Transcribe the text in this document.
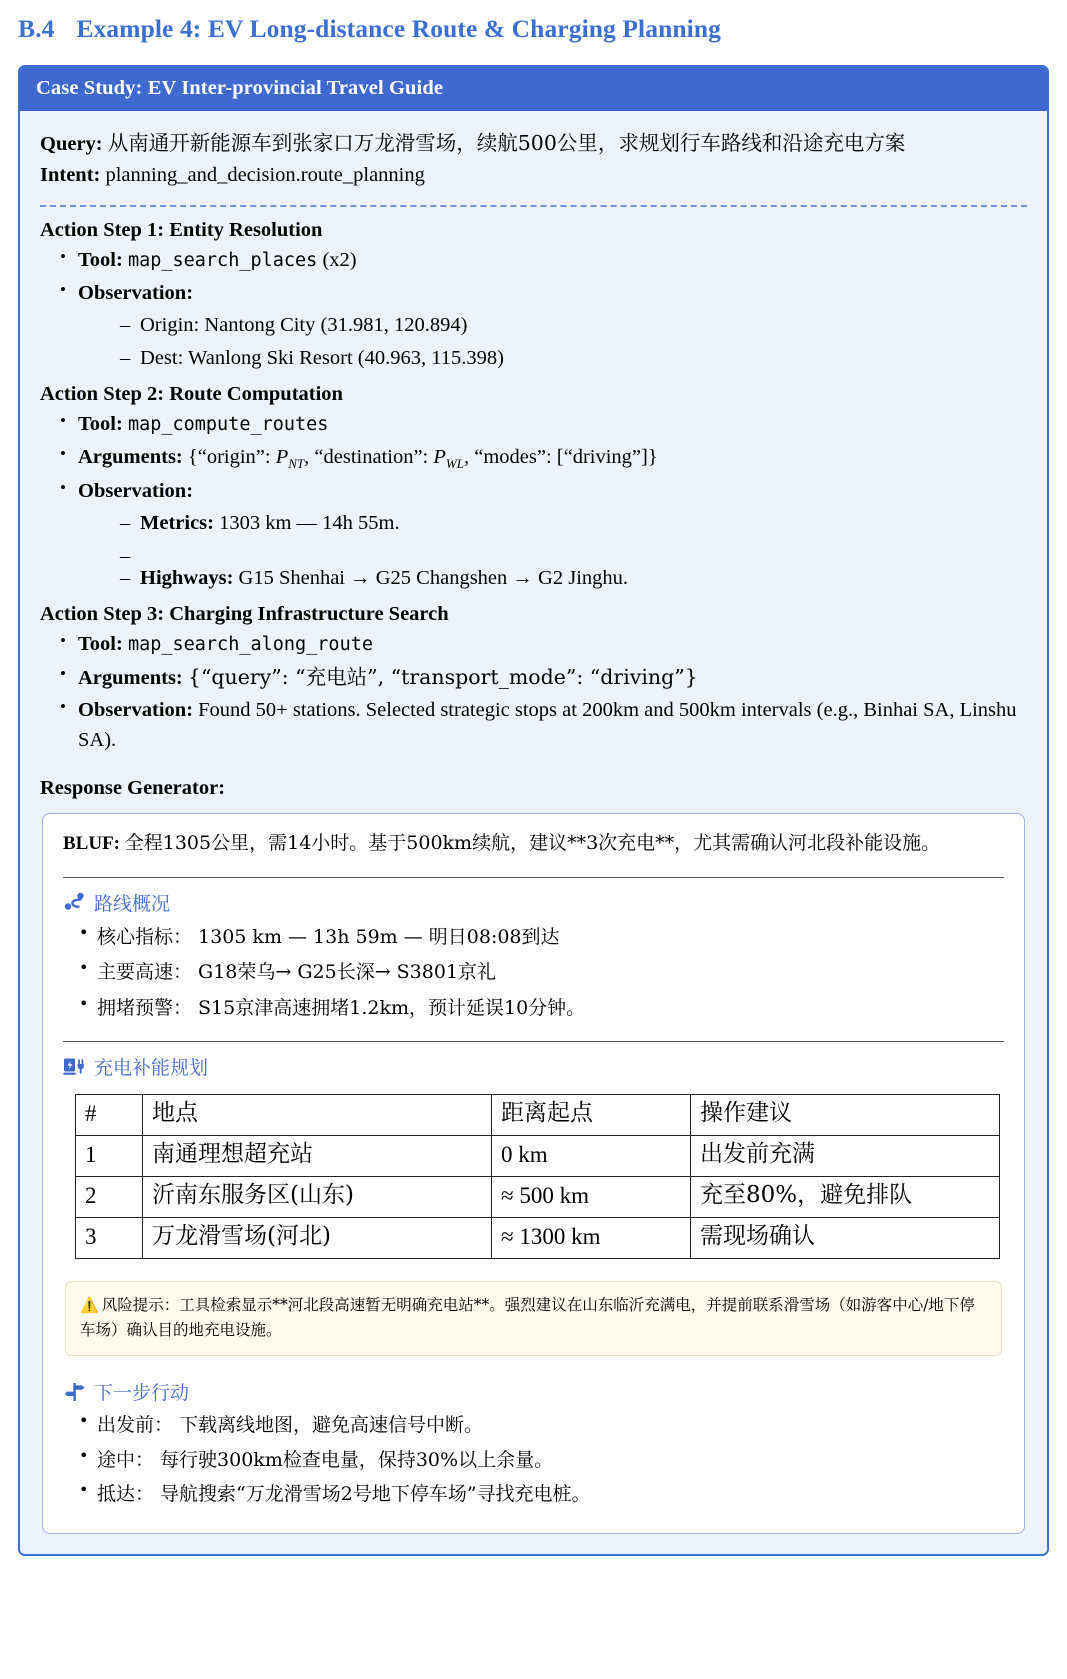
B.4 Example 4: EV Long-distance Route & Charging Planning
Case Study: EV Inter-provincial Travel Guide
Query: 从南通开新能源车到张家口万龙滑雪场，续航500公里，求规划行车路线和沿途充电方案
Intent: planning_and_decision.route_planning
Action Step 1: Entity Resolution
• Tool: map_search_places (x2)
• Observation:
– Origin: Nantong City (31.981, 120.894)
– Dest: Wanlong Ski Resort (40.963, 115.398)
Action Step 2: Route Computation
• Tool: map_compute_routes
• Arguments: {“origin”: $P_{NT}$, “destination”: $P_{WL}$, “modes”: [“driving”]}
• Observation:
– Metrics: 1303 km — 14h 55m.
–
– Highways: G15 Shenhai → G25 Changshen → G2 Jinghu.
Action Step 3: Charging Infrastructure Search
• Tool: map_search_along_route
• Arguments: {“query”: “充电站”, “transport_mode”: “driving”}
• Observation: Found 50+ stations. Selected strategic stops at 200km and 500km intervals (e.g., Binhai SA, Linshu SA).
Response Generator:
BLUF: 全程1305公里，需14小时。基于500km续航，建议**3次充电**，尤其需确认河北段补能设施。
路线概况
• 核心指标： 1305 km — 13h 59m — 明日08:08到达
• 主要高速： G18荣乌→ G25长深→ S3801京礼
• 拥堵预警： S15京津高速拥堵1.2km，预计延误10分钟。
充电补能规划
#	地点	距离起点	操作建议
1	南通理想超充站	0 km	出发前充满
2	沂南东服务区(山东)	≈ 500 km	充至80%，避免排队
3	万龙滑雪场(河北)	≈ 1300 km	需现场确认
⚠️ 风险提示：工具检索显示**河北段高速暂无明确充电站**。强烈建议在山东临沂充满电，并提前联系滑雪场（如游客中心/地下停车场）确认目的地充电设施。
下一步行动
• 出发前： 下载离线地图，避免高速信号中断。
• 途中： 每行驶300km检查电量，保持30%以上余量。
• 抵达： 导航搜索“万龙滑雪场2号地下停车场”寻找充电桩。
